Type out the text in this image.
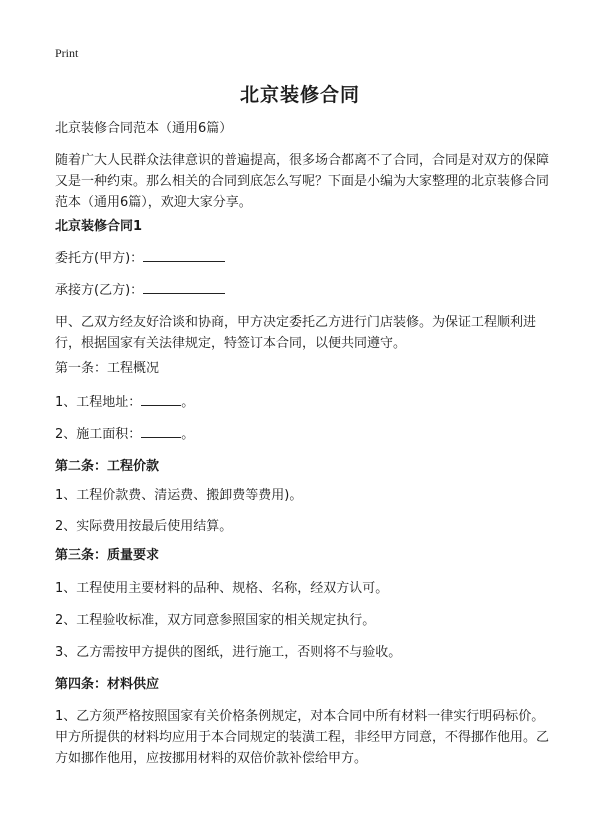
Print
北京装修合同

北京装修合同范本（通用6篇）

随着广大人民群众法律意识的普遍提高，很多场合都离不了合同，合同是对双方的保障又是一种约束。那么相关的合同到底怎么写呢？下面是小编为大家整理的北京装修合同范本（通用6篇），欢迎大家分享。

北京装修合同1

委托方(甲方)：

承接方(乙方)：

甲、乙双方经友好洽谈和协商，甲方决定委托乙方进行门店装修。为保证工程顺利进行，根据国家有关法律规定，特签订本合同，以便共同遵守。

第一条：工程概况

1、工程地址：	。

2、施工面积：	。

第二条：工程价款

1、工程价款费、清运费、搬卸费等费用)。

2、实际费用按最后使用结算。

第三条：质量要求

1、工程使用主要材料的品种、规格、名称，经双方认可。

2、工程验收标准，双方同意参照国家的相关规定执行。

3、乙方需按甲方提供的图纸，进行施工，否则将不与验收。

第四条：材料供应

1、乙方须严格按照国家有关价格条例规定，对本合同中所有材料一律实行明码标价。甲方所提供的材料均应用于本合同规定的装潢工程，非经甲方同意，不得挪作他用。乙方如挪作他用，应按挪用材料的双倍价款补偿给甲方。
